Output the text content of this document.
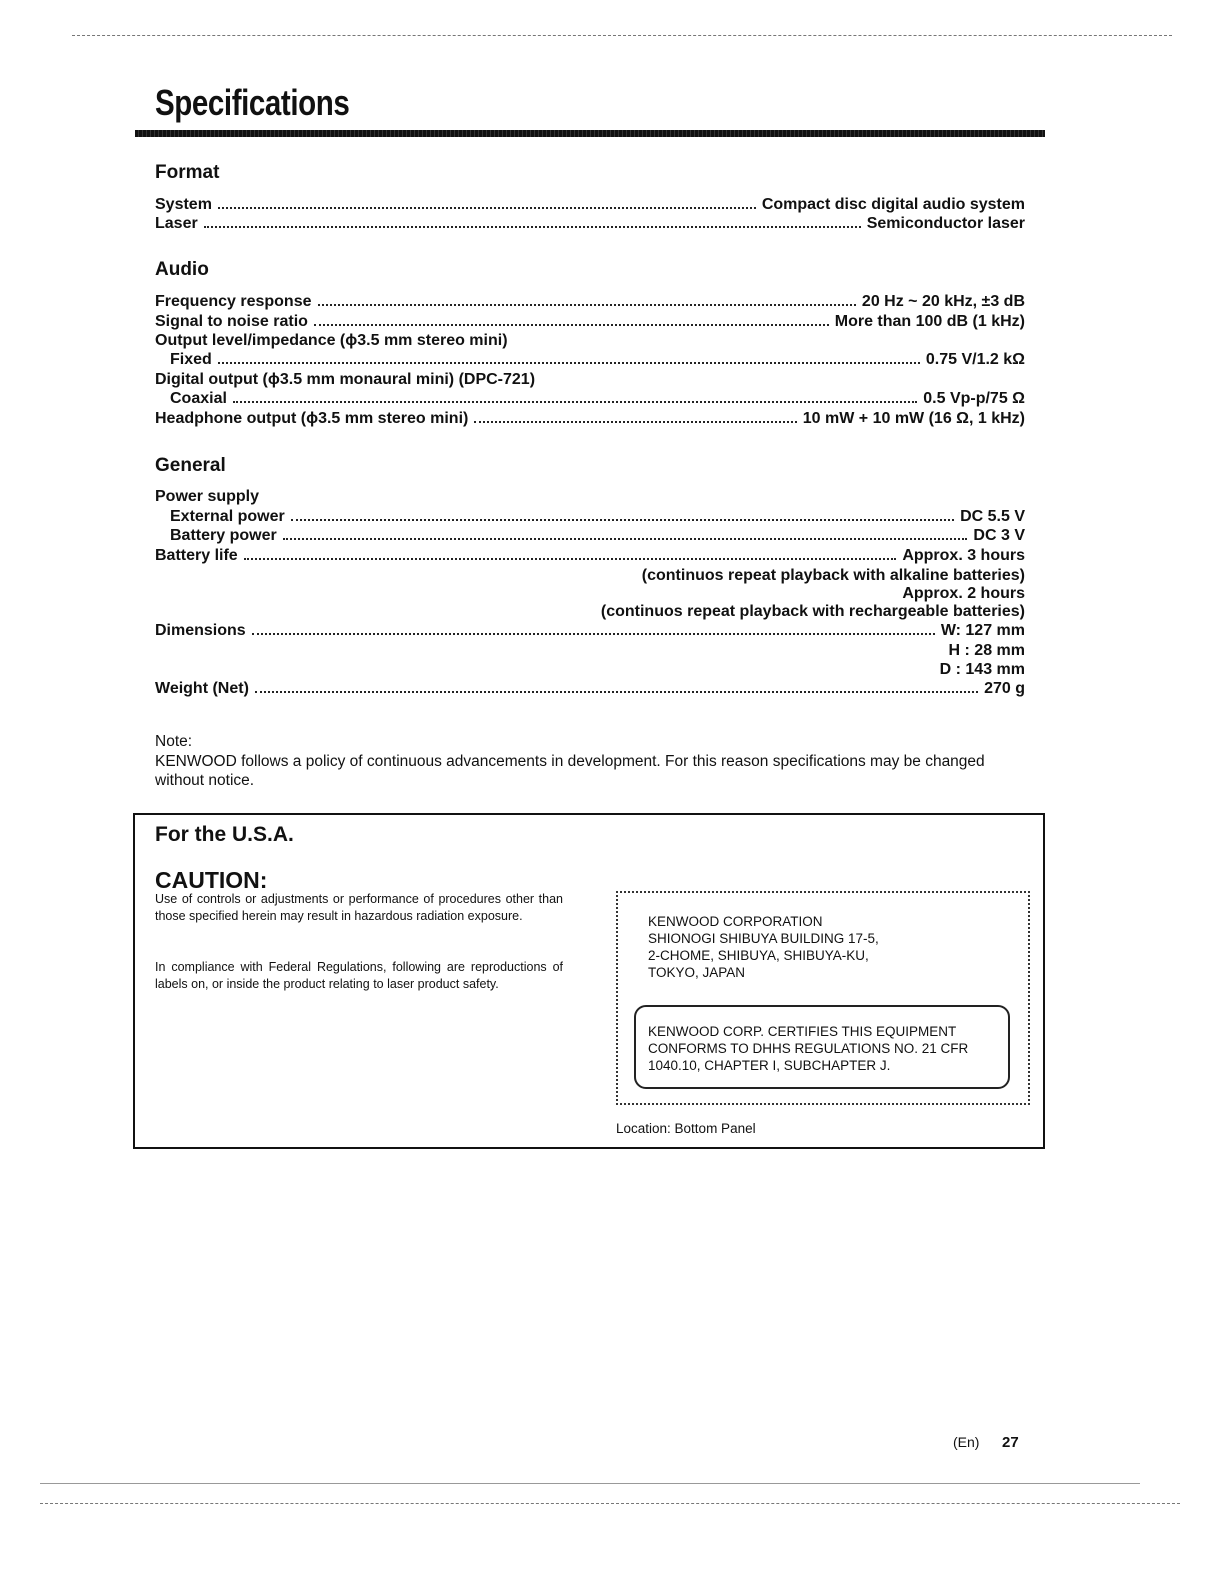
Specifications
Format
System	Compact disc digital audio system
Laser	Semiconductor laser
Audio
Frequency response	20 Hz ~ 20 kHz, ±3 dB
Signal to noise ratio	More than 100 dB (1 kHz)
Output level/impedance (ϕ3.5 mm stereo mini)
Fixed	0.75 V/1.2 kΩ
Digital output (ϕ3.5 mm monaural mini) (DPC-721)
Coaxial	0.5 Vp-p/75 Ω
Headphone output (ϕ3.5 mm stereo mini)	10 mW + 10 mW (16 Ω, 1 kHz)
General
Power supply
External power	DC 5.5 V
Battery power	DC 3 V
Battery life	Approx. 3 hours
(continuos repeat playback with alkaline batteries)
Approx. 2 hours
(continuos repeat playback with rechargeable batteries)
Dimensions	W: 127 mm
H : 28 mm
D : 143 mm
Weight (Net)	270 g
Note:
KENWOOD follows a policy of continuous advancements in development. For this reason specifications may be changed without notice.
For the U.S.A.
CAUTION:

Use of controls or adjustments or performance of procedures other than those specified herein may result in hazardous radiation exposure.

In compliance with Federal Regulations, following are reproductions of labels on, or inside the product relating to laser product safety.

KENWOOD CORPORATION
SHIONOGI SHIBUYA BUILDING 17-5,
2-CHOME, SHIBUYA, SHIBUYA-KU,
TOKYO, JAPAN
KENWOOD CORP. CERTIFIES THIS EQUIPMENT CONFORMS TO DHHS REGULATIONS NO. 21 CFR 1040.10, CHAPTER I, SUBCHAPTER J.
Location: Bottom Panel
(En) 27
